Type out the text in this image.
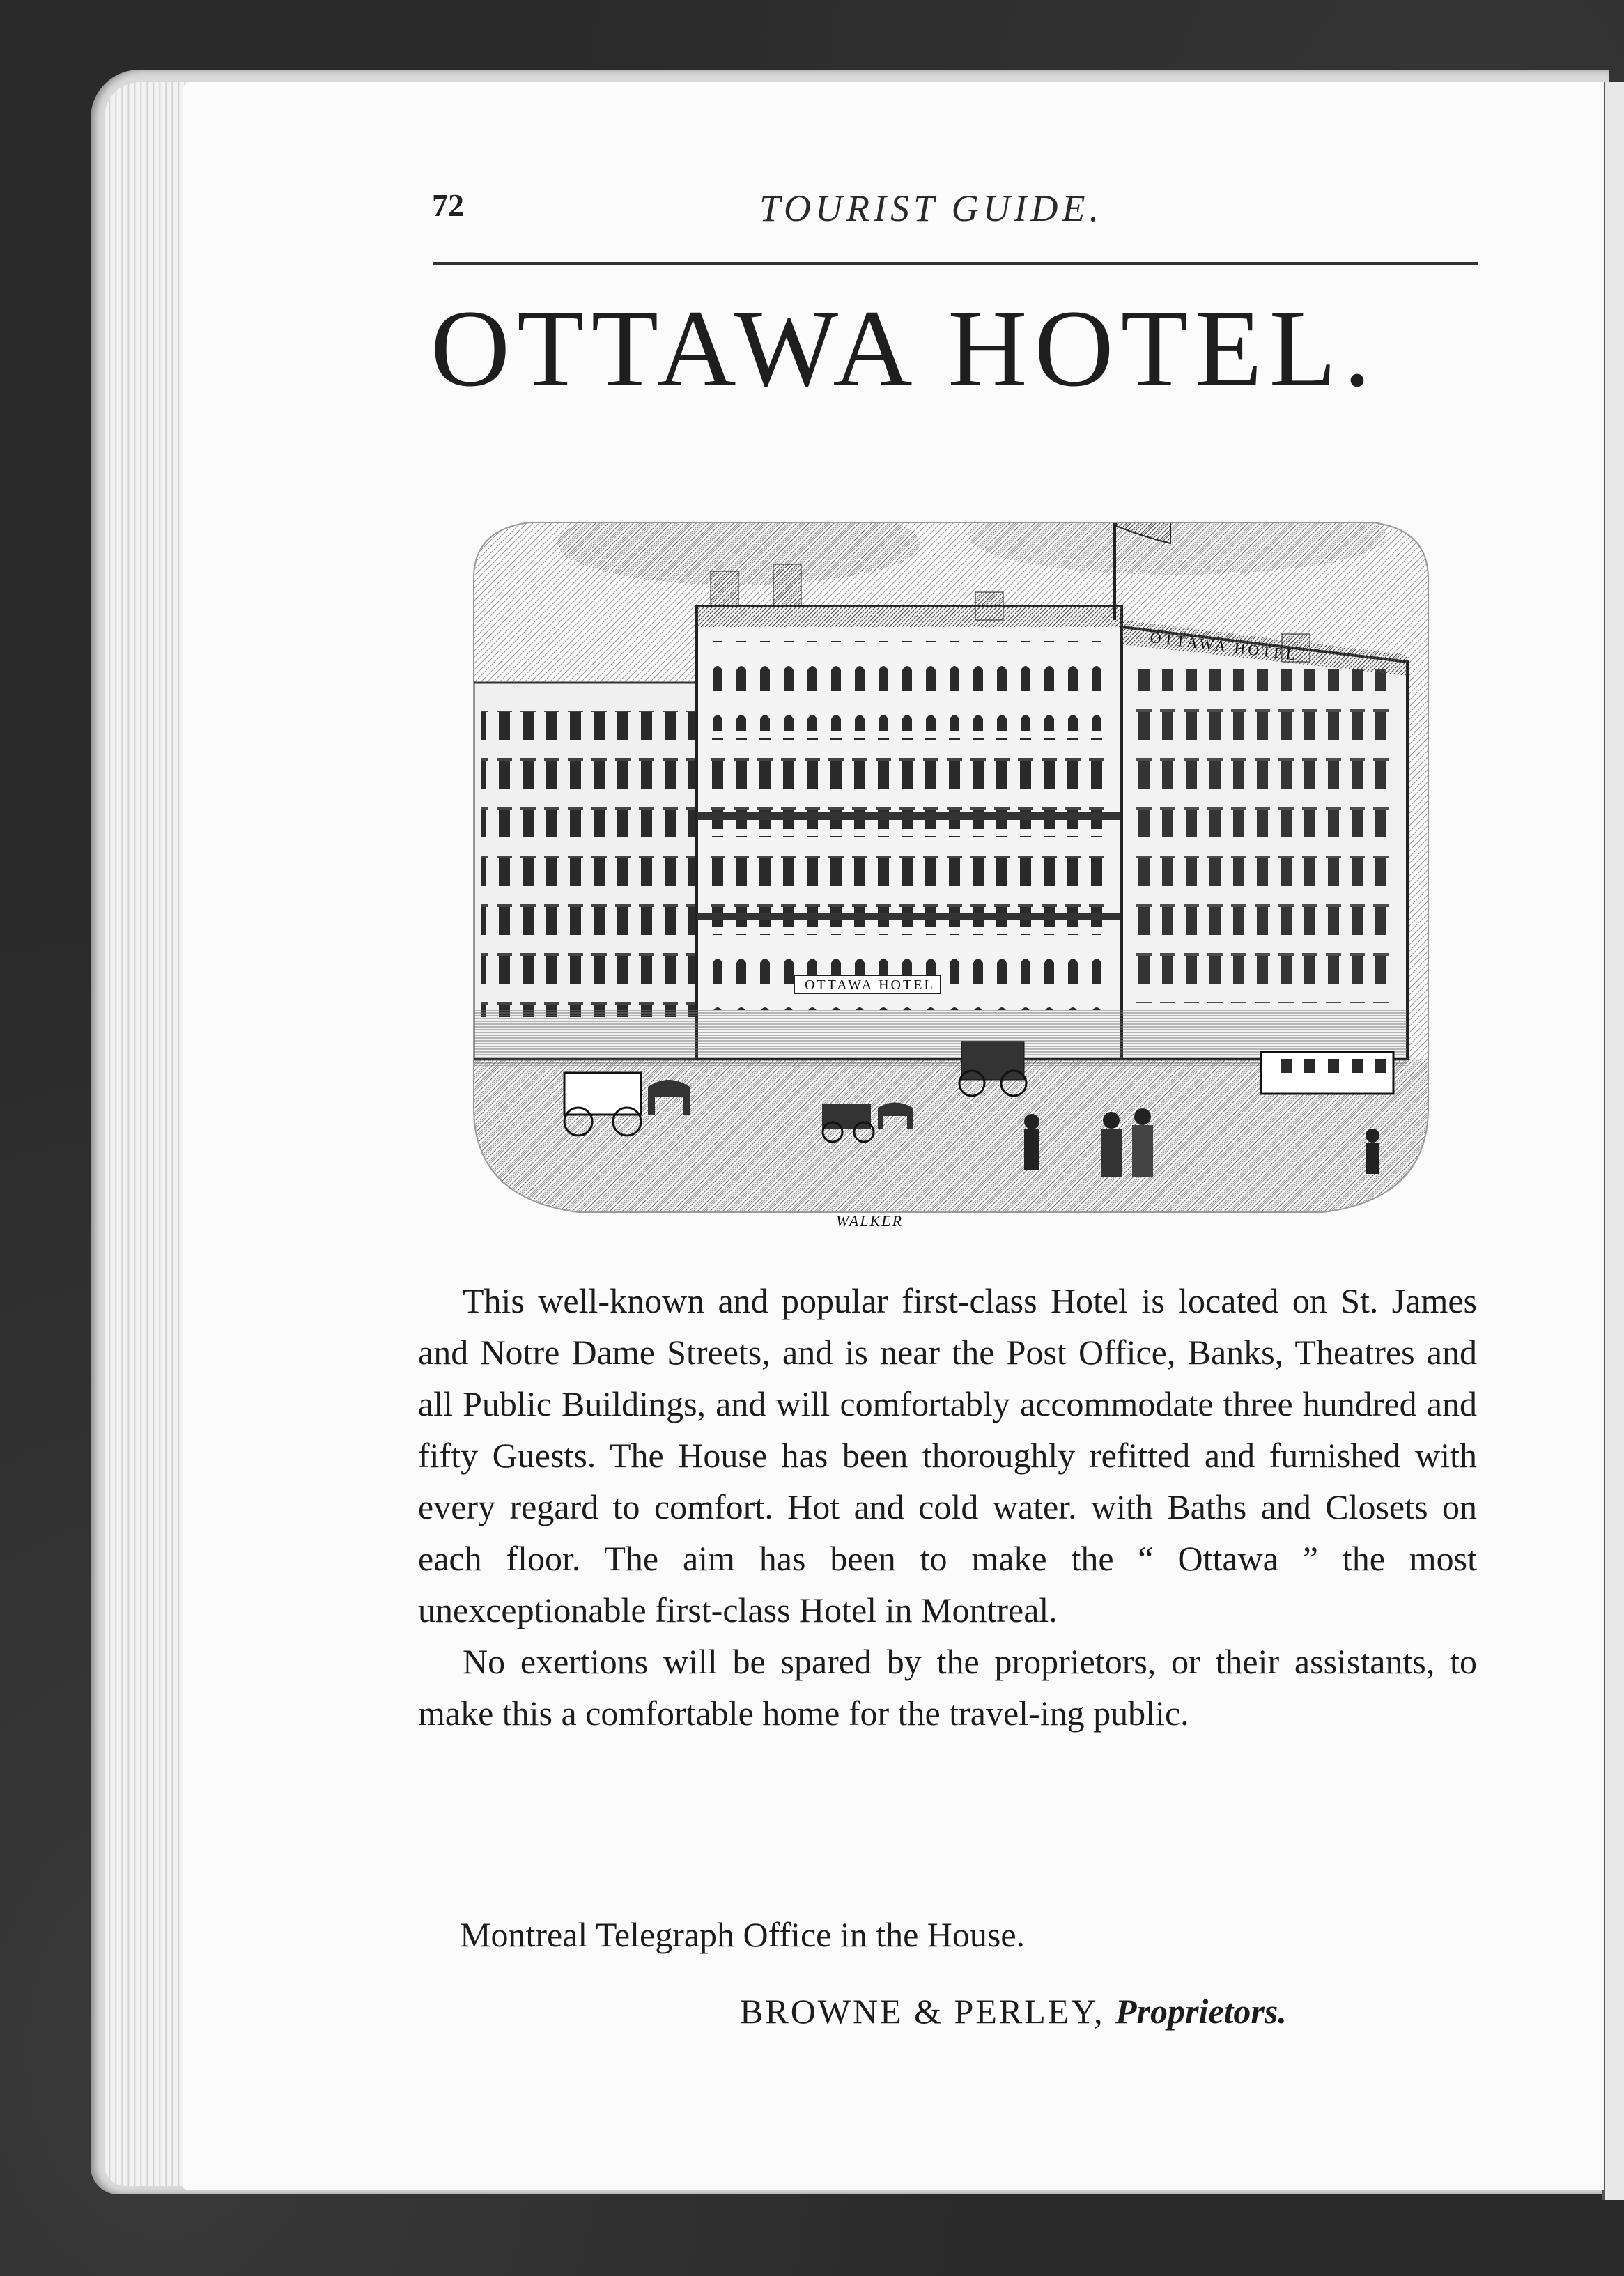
72	TOURIST GUIDE.
OTTAWA HOTEL.
OTTAWA HOTEL
OTTAWA HOTEL
WALKER

This well-known and popular first-class Hotel is located on St. James and Notre Dame Streets, and is near the Post Office, Banks, Theatres and all Public Buildings, and will comfortably accommodate three hundred and fifty Guests. The House has been thoroughly refitted and furnished with every regard to comfort. Hot and cold water. with Baths and Closets on each floor. The aim has been to make the “ Ottawa ” the most unexceptionable first-class Hotel in Montreal.

No exertions will be spared by the proprietors, or their assistants, to make this a comfortable home for the travel-ing public.

Montreal Telegraph Office in the House.
BROWNE & PERLEY, Proprietors.
